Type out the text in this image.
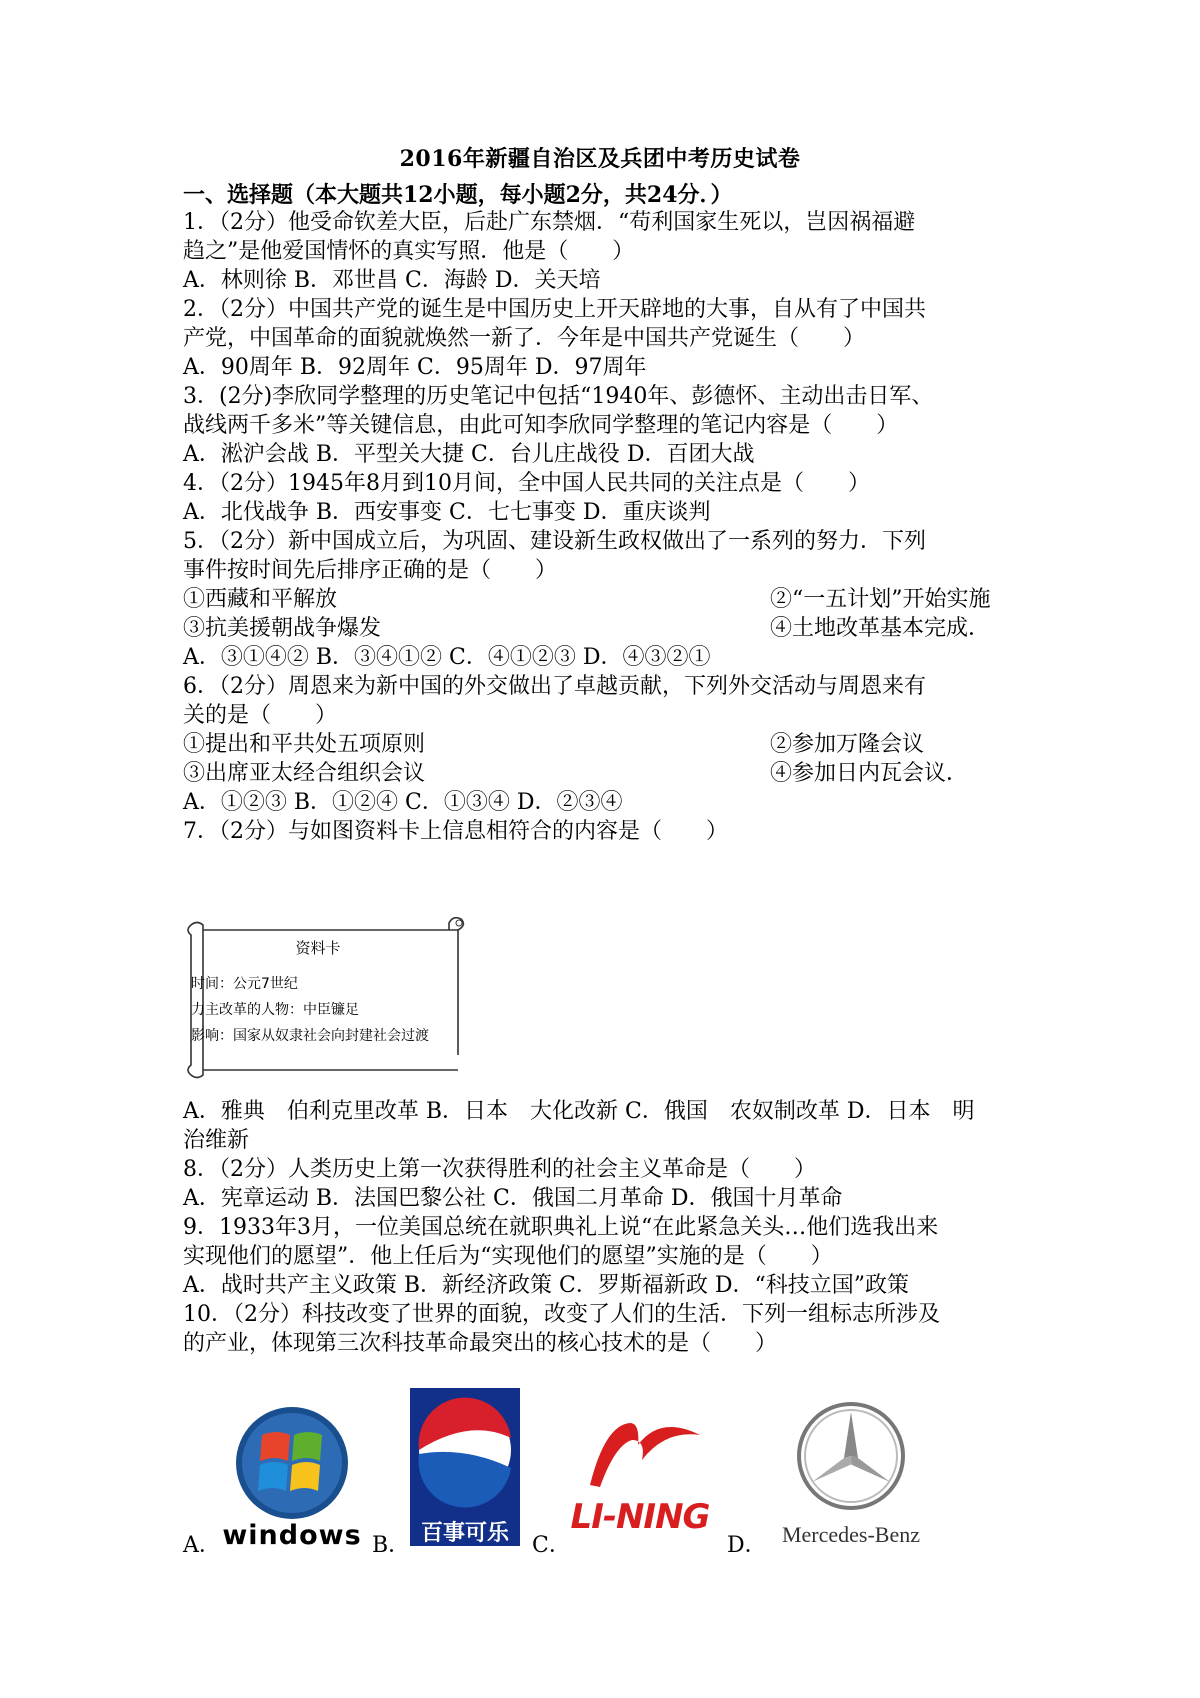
2016年新疆自治区及兵团中考历史试卷
一、选择题（本大题共12小题，每小题2分，共24分．）
1．（2分）他受命钦差大臣，后赴广东禁烟．“苟利国家生死以，岂因祸福避
趋之”是他爱国情怀的真实写照．他是（　　）
A．林则徐 B．邓世昌 C．海龄 D．关天培
2．（2分）中国共产党的诞生是中国历史上开天辟地的大事，自从有了中国共
产党，中国革命的面貌就焕然一新了．今年是中国共产党诞生（　　）
A．90周年 B．92周年 C．95周年 D．97周年
3．(2分)李欣同学整理的历史笔记中包括“1940年、彭德怀、主动出击日军、
战线两千多米”等关键信息，由此可知李欣同学整理的笔记内容是（　　）
A．淞沪会战 B．平型关大捷 C．台儿庄战役 D．百团大战
4．（2分）1945年8月到10月间，全中国人民共同的关注点是（　　）
A．北伐战争 B．西安事变 C．七七事变 D．重庆谈判
5．（2分）新中国成立后，为巩固、建设新生政权做出了一系列的努力．下列
事件按时间先后排序正确的是（　　）
①西藏和平解放	②“一五计划”开始实施
③抗美援朝战争爆发	④土地改革基本完成．
A．③①④② B．③④①② C．④①②③ D．④③②①
6．（2分）周恩来为新中国的外交做出了卓越贡献，下列外交活动与周恩来有
关的是（　　）
①提出和平共处五项原则	②参加万隆会议
③出席亚太经合组织会议	④参加日内瓦会议．
A．①②③ B．①②④ C．①③④ D．②③④
7．（2分）与如图资料卡上信息相符合的内容是（　　）
资料卡
时间：公元7世纪
力主改革的人物：中臣镰足
影响：国家从奴隶社会向封建社会过渡
A．雅典　伯利克里改革 B．日本　大化改新 C．俄国　农奴制改革 D．日本　明
治维新
8．（2分）人类历史上第一次获得胜利的社会主义革命是（　　）
A．宪章运动 B．法国巴黎公社 C．俄国二月革命 D．俄国十月革命
9．1933年3月，一位美国总统在就职典礼上说“在此紧急关头…他们选我出来
实现他们的愿望”．他上任后为“实现他们的愿望”实施的是（　　）
A．战时共产主义政策 B．新经济政策 C．罗斯福新政 D．“科技立国”政策
10．（2分）科技改变了世界的面貌，改变了人们的生活．下列一组标志所涉及
的产业，体现第三次科技革命最突出的核心技术的是（　　）
A． windows B． 百事可乐	C．
LI-NING
D． Mercedes-Benz
